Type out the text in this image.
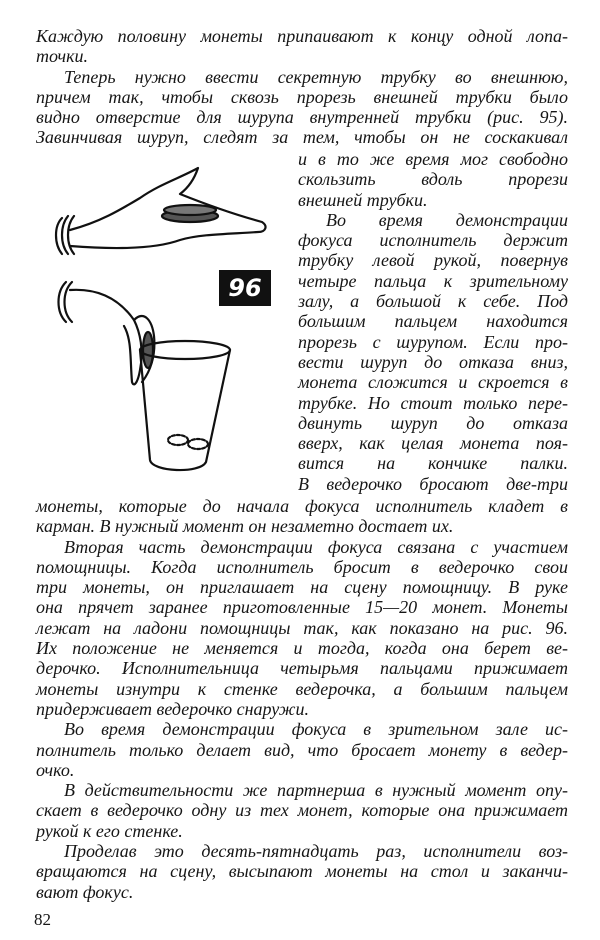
Каждую половину монеты припаивают к концу одной лопа-
точки.
Теперь нужно ввести секретную трубку во внешнюю,
причем так, чтобы сквозь прорезь внешней трубки было
видно отверстие для шурупа внутренней трубки (рис. 95).
Завинчивая шуруп, следят за тем, чтобы он не соскакивал
и в то же время мог свободно
скользить вдоль прорези
внешней трубки.
Во время демонстрации
фокуса исполнитель держит
трубку левой рукой, повернув
четыре пальца к зрительному
залу, а большой к себе. Под
большим пальцем находится
прорезь с шурупом. Если про-
вести шуруп до отказа вниз,
монета сложится и скроется в
трубке. Но стоит только пере-
двинуть шуруп до отказа
вверх, как целая монета поя-
вится на кончике палки.
В ведерочко бросают две-три
монеты, которые до начала фокуса исполнитель кладет в
карман. В нужный момент он незаметно достает их.
Вторая часть демонстрации фокуса связана с участием
помощницы. Когда исполнитель бросит в ведерочко свои
три монеты, он приглашает на сцену помощницу. В руке
она прячет заранее приготовленные 15—20 монет. Монеты
лежат на ладони помощницы так, как показано на рис. 96.
Их положение не меняется и тогда, когда она берет ве-
дерочко. Исполнительница четырьмя пальцами прижимает
монеты изнутри к стенке ведерочка, а большим пальцем
придерживает ведерочко снаружи.
Во время демонстрации фокуса в зрительном зале ис-
полнитель только делает вид, что бросает монету в ведер-
очко.
В действительности же партнерша в нужный момент опу-
скает в ведерочко одну из тех монет, которые она прижимает
рукой к его стенке.
Проделав это десять-пятнадцать раз, исполнители воз-
вращаются на сцену, высыпают монеты на стол и заканчи-
вают фокус.
96
82
